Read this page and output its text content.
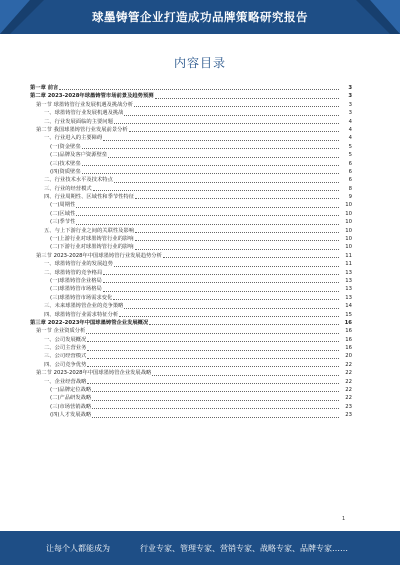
球墨铸管企业打造成功品牌策略研究报告
内容目录
第一章 前言	3
第二章 2023-2028年球墨铸管市场前景及趋势预测	3
第一节 球墨铸管行业发展机遇及挑战分析	3
一、球墨铸管行业发展机遇及挑战	3
二、行业发展面临的主要问题	4
第二节 我国球墨铸管行业发展前景分析	4
一、行业进入的主要障碍	4
(一)资金壁垒	5
(二)品牌及客户资源壁垒	5
(三)技术壁垒	6
(四)资质壁垒	6
二、行业技术水平及技术特点	6
三、行业的经营模式	8
四、行业周期性、区域性和季节性特征	9
(一)周期性	10
(二)区域性	10
(三)季节性	10
五、与上下游行业之间的关联性及影响	10
(一)上游行业对球墨铸管行业的影响	10
(二)下游行业对球墨铸管行业的影响	10
第三节 2023-2028年中国球墨铸管行业发展趋势分析	11
一、球墨铸管行业的发展趋势	11
二、球墨铸管的竞争格局	13
(一)球墨铸管企业格局	13
(二)球墨铸管市场格局	13
(三)球墨铸管市场需求变化	13
三、未来球墨铸管企业的竞争策略	14
四、球墨铸管行业需求特征分析	15
第三章 2022-2023年中国球墨铸管企业发展概况	16
第一节 企业资质分析	16
一、公司发展概况	16
二、公司主营业务	16
三、公司经营模式	20
四、公司竞争优势	22
第二节 2023-2028年中国球墨铸管企业发展战略	22
一、企业经营战略	22
(一)品牌定位战略	22
(二)产品研发战略	22
(三)市场营销战略	23
(四)人才发展战略	23
1
让每个人都能成为	行业专家、管理专家、营销专家、战略专家、品牌专家……
